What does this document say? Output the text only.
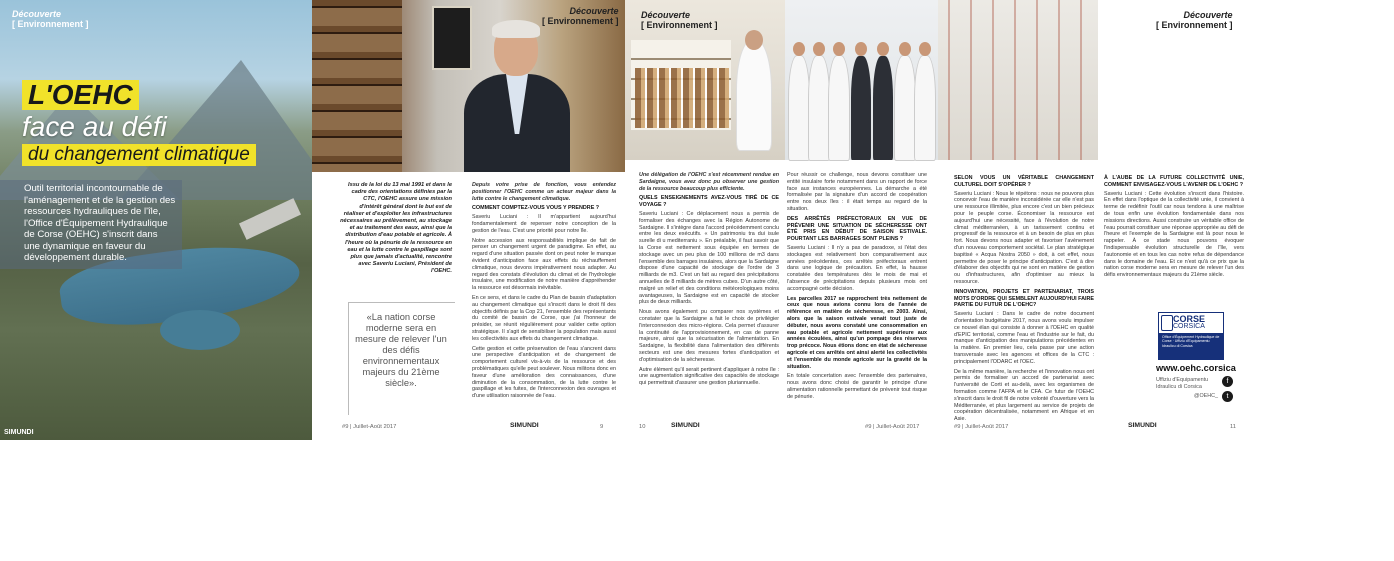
Découverte
[ Environnement ]
L'OEHC
face au défi
du changement climatique
Outil territorial incontournable de l'aménagement et de la gestion des ressources hydrauliques de l'île, l'Office d'Équipement Hydraulique de Corse (OEHC) s'inscrit dans une dynamique en faveur du développement durable.
SIMUNDI
Découverte
[ Environnement ]
Issu de la loi du 13 mai 1991 et dans le cadre des orientations définies par la CTC, l'OEHC assure une mission d'intérêt général dont le but est de réaliser et d'exploiter les infrastructures nécessaires au prélèvement, au stockage et au traitement des eaux, ainsi que la distribution d'eau potable et agricole. À l'heure où la pénurie de la ressource en eau et la lutte contre le gaspillage sont plus que jamais d'actualité, rencontre avec Saveriu Luciani, Président de l'OEHC.
«La nation corse moderne sera en mesure de relever l'un des défis environnementaux majeurs du 21ème siècle».
Depuis votre prise de fonction, vous entendez positionner l'OEHC comme un acteur majeur dans la lutte contre le changement climatique.
COMMENT COMPTEZ-VOUS VOUS Y PRENDRE ?

Saveriu Luciani : Il m'appartient aujourd'hui fondamentalement de repenser notre conception de la gestion de l'eau. C'est une priorité pour notre île.

Notre accession aux responsabilités implique de fait de penser un changement urgent de paradigme. En effet, au regard d'une situation passée dont on peut noter le manque évident d'anticipation face aux effets du réchauffement climatique, nous devons impérativement nous adapter. Au regard des constats d'évolution du climat et de l'hydrologie insulaire, une modification de notre manière d'appréhender la ressource est désormais inévitable.

En ce sens, et dans le cadre du Plan de bassin d'adaptation au changement climatique qui s'inscrit dans le droit fil des objectifs définis par la Cop 21, l'ensemble des représentants du comité de bassin de Corse, que j'ai l'honneur de présider, se réunit régulièrement pour valider cette option stratégique. Il s'agit de sensibiliser la population mais aussi les collectivités aux effets du changement climatique.

Cette gestion et cette préservation de l'eau s'ancrent dans une perspective d'anticipation et de changement de comportement culturel vis-à-vis de la ressource et des problématiques qu'elle peut soulever. Nous militons donc en faveur d'une amélioration des connaissances, d'une diminution de la consommation, de la lutte contre le gaspillage et les fuites, de l'interconnexion des ouvrages et d'une utilisation raisonnée de l'eau.

#9 | Juillet-Août 2017	SIMUNDI	9
Découverte
[ Environnement ]
Une délégation de l'OEHC s'est récemment rendue en Sardaigne, vous avez donc pu observer une gestion de la ressource beaucoup plus efficiente.
QUELS ENSEIGNEMENTS AVEZ-VOUS TIRÉ DE CE VOYAGE ?

Saveriu Luciani : Ce déplacement nous a permis de formaliser des échanges avec la Région Autonome de Sardaigne. Il s'intègre dans l'accord précédemment conclu entre les deux exécutifs. « Un patrimoniu tra dui isule surelle di u mediterraniu ». En préalable, il faut savoir que la Corse est nettement sous équipée en termes de stockage avec un peu plus de 100 millions de m3 dans l'ensemble des barrages insulaires, alors que la Sardaigne dispose d'une capacité de stockage de l'ordre de 3 milliards de m3. C'est un fait au regard des précipitations annuelles de 8 milliards de mètres cubes. D'un autre côté, malgré un relief et des conditions météorologiques moins avantageuses, la Sardaigne est en capacité de stocker plus de deux milliards.

Nous avons également pu comparer nos systèmes et constater que la Sardaigne a fait le choix de privilégier l'interconnexion des micro-régions. Cela permet d'assurer la continuité de l'approvisionnement, en cas de panne majeure, ainsi que la sécurisation de l'alimentation. En Sardaigne, la flexibilité dans l'alimentation des différents secteurs est une des mesures fortes d'anticipation et d'optimisation de la sécheresse.

Autre élément qu'il serait pertinent d'appliquer à notre île : une augmentation significative des capacités de stockage qui permettrait d'assurer une gestion pluriannuelle.

Pour réussir ce challenge, nous devons constituer une entité insulaire forte notamment dans un rapport de force face aux instances européennes. La démarche a été formalisée par la signature d'un accord de coopération entre nos deux îles : il était temps au regard de la situation.

DES ARRÊTÉS PRÉFECTORAUX EN VUE DE PRÉVENIR UNE SITUATION DE SÉCHERESSE ONT ÉTÉ PRIS EN DÉBUT DE SAISON ESTIVALE. POURTANT LES BARRAGES SONT PLEINS ?

Saveriu Luciani : Il n'y a pas de paradoxe, si l'état des stockages est relativement bon comparativement aux années précédentes, ces arrêtés préfectoraux entrent dans une logique de précaution. En effet, la hausse constatée des températures dès le mois de mai et l'absence de précipitations depuis plusieurs mois ont accompagné cette décision.

Les parcelles 2017 se rapprochent très nettement de ceux que nous avions connu lors de l'année de référence en matière de sécheresse, en 2003. Ainsi, alors que la saison estivale venait tout juste de débuter, nous avons constaté une consommation en eau potable et agricole nettement supérieure aux années écoulées, ainsi qu'un pompage des réserves trop précoce. Nous étions donc en état de sécheresse agricole et ces arrêtés ont ainsi alerté les collectivités et l'ensemble du monde agricole sur la gravité de la situation.

En totale concertation avec l'ensemble des partenaires, nous avons donc choisi de garantir le principe d'une alimentation rationnelle permettant de prévenir tout risque de pénurie.

10	SIMUNDI	#9 | Juillet-Août 2017
Découverte
[ Environnement ]
SELON VOUS UN VÉRITABLE CHANGEMENT CULTUREL DOIT S'OPÉRER ?

Saveriu Luciani : Nous le répétons : nous ne pouvons plus concevoir l'eau de manière inconsidérée car elle n'est pas une ressource illimitée, plus encore c'est un bien précieux pour le peuple corse. Économiser la ressource est aujourd'hui une nécessité, face à l'évolution de notre climat méditerranéen, à un tarissement continu et progressif de la ressource et à un besoin de plus en plus fort. Nous devons nous adapter et favoriser l'avènement d'un nouveau comportement sociétal. Le plan stratégique bapitisé « Acqua Nostra 2050 » doit, à cet effet, nous permettre de poser le principe d'anticipation. C'est à dire d'élaborer des objectifs qui ne sont en matière de gestion ou d'infrastructures, afin d'optimiser au mieux la ressource.

INNOVATION, PROJETS ET PARTENARIAT, TROIS MOTS D'ORDRE QUI SEMBLENT AUJOURD'HUI FAIRE PARTIE DU FUTUR DE L'OEHC?

Saveriu Luciani : Dans le cadre de notre document d'orientation budgétaire 2017, nous avons voulu impulser ce nouvel élan qui consiste à donner à l'OEHC en qualité d'EPIC territorial, comme l'eau et l'industrie sur le fait, du manque d'anticipation des manipulations précédentes en la matière. En premier lieu, cela passe par une action transversale avec les agences et offices de la CTC : principalement l'ODARC et l'OEC.

De la même manière, la recherche et l'innovation nous ont permis de formaliser un accord de partenariat avec l'université de Corti et au-delà, avec les organismes de formation comme l'AFPA et le CFA. Ce futur de l'OEHC s'inscrit dans le droit fil de notre volonté d'ouverture vers la Méditerranée, et plus largement au service de projets de coopération décentralisée, notamment en Afrique et en Asie.

À L'AUBE DE LA FUTURE COLLECTIVITÉ UNIE, COMMENT ENVISAGEZ-VOUS L'AVENIR DE L'OEHC ?

Saveriu Luciani : Cette évolution s'inscrit dans l'histoire. En effet dans l'optique de la collectivité unie, il convient à terme de redéfinir l'outil car nous tendons à une maîtrise de tous enfin une évolution fondamentale dans nos missions directions. Aussi construire un véritable office de l'eau pourrait constituer une réponse appropriée au défi de l'heure et l'exemple de la Sardaigne est là pour nous le rappeler. À ce stade nous pouvons évoquer l'indispensable évolution structurelle de l'île, vers l'autonomie et en tous les cas notre refus de dépendance dans le domaine de l'eau. Et ce n'est qu'à ce prix que la nation corse moderne sera en mesure de relever l'un des défis environnementaux majeurs du 21ème siècle.

#9 | Juillet-Août 2017	SIMUNDI	11
CORSE
CORSICA
Office d'Équipement Hydraulique de Corse · Uffiziu d'Equipamentu Idraulicu di Corsica
www.oehc.corsica
Uffiziu d'Equipamentu
Idraulicu di Corsica
f
t
@OEHC_
